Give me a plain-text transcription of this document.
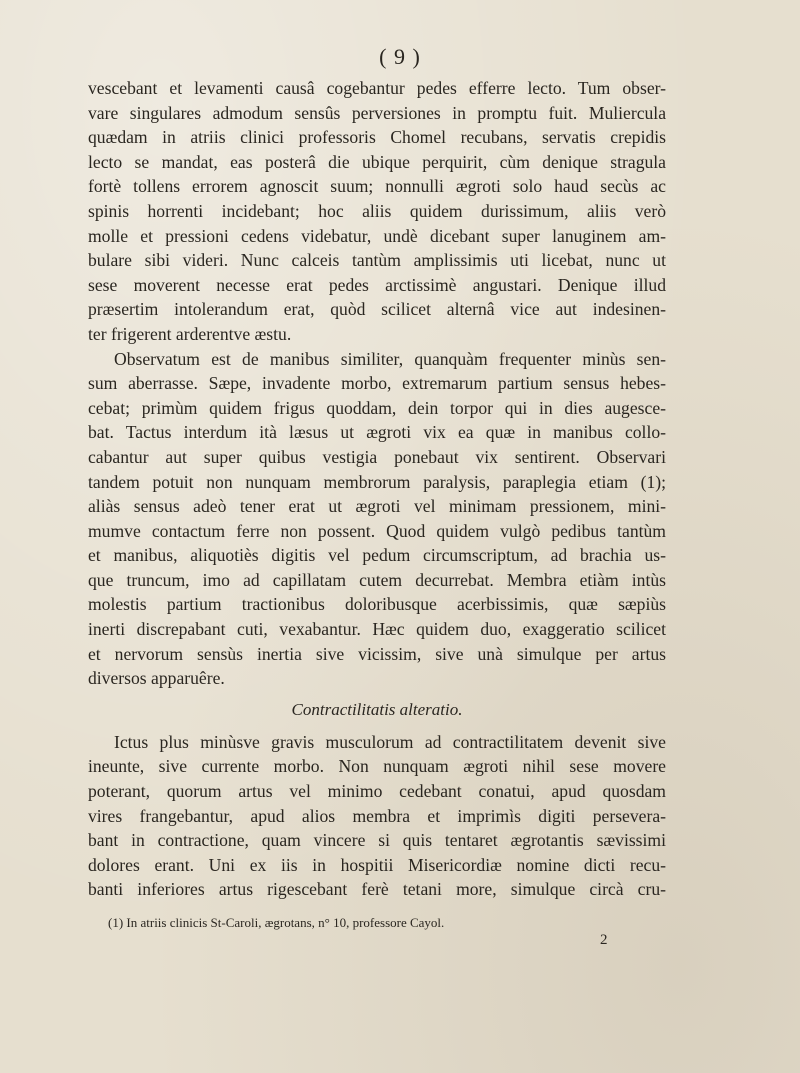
( 9 )
vescebant et levamenti causâ cogebantur pedes efferre lecto. Tum obser-
vare singulares admodum sensûs perversiones in promptu fuit. Muliercula
quædam in atriis clinici professoris Chomel recubans, servatis crepidis
lecto se mandat, eas posterâ die ubique perquirit, cùm denique stragula
fortè tollens errorem agnoscit suum; nonnulli ægroti solo haud secùs ac
spinis horrenti incidebant; hoc aliis quidem durissimum, aliis verò
molle et pressioni cedens videbatur, undè dicebant super lanuginem am-
bulare sibi videri. Nunc calceis tantùm amplissimis uti licebat, nunc ut
sese moverent necesse erat pedes arctissimè angustari. Denique illud
præsertim intolerandum erat, quòd scilicet alternâ vice aut indesinen-
ter frigerent arderentve æstu.
Observatum est de manibus similiter, quanquàm frequenter minùs sen-
sum aberrasse. Sæpe, invadente morbo, extremarum partium sensus hebes-
cebat; primùm quidem frigus quoddam, dein torpor qui in dies augesce-
bat. Tactus interdum ità læsus ut ægroti vix ea quæ in manibus collo-
cabantur aut super quibus vestigia ponebaut vix sentirent. Observari
tandem potuit non nunquam membrorum paralysis, paraplegia etiam (1);
aliàs sensus adeò tener erat ut ægroti vel minimam pressionem, mini-
mumve contactum ferre non possent. Quod quidem vulgò pedibus tantùm
et manibus, aliquotiès digitis vel pedum circumscriptum, ad brachia us-
que truncum, imo ad capillatam cutem decurrebat. Membra etiàm intùs
molestis partium tractionibus doloribusque acerbissimis, quæ sæpiùs
inerti discrepabant cuti, vexabantur. Hæc quidem duo, exaggeratio scilicet
et nervorum sensùs inertia sive vicissim, sive unà simulque per artus
diversos apparuêre.
Contractilitatis alteratio.
Ictus plus minùsve gravis musculorum ad contractilitatem devenit sive
ineunte, sive currente morbo. Non nunquam ægroti nihil sese movere
poterant, quorum artus vel minimo cedebant conatui, apud quosdam
vires frangebantur, apud alios membra et imprimìs digiti persevera-
bant in contractione, quam vincere si quis tentaret ægrotantis sævissimi
dolores erant. Uni ex iis in hospitii Misericordiæ nomine dicti recu-
banti inferiores artus rigescebant ferè tetani more, simulque circà cru-
(1) In atriis clinicis St-Caroli, ægrotans, n° 10, professore Cayol.
2
